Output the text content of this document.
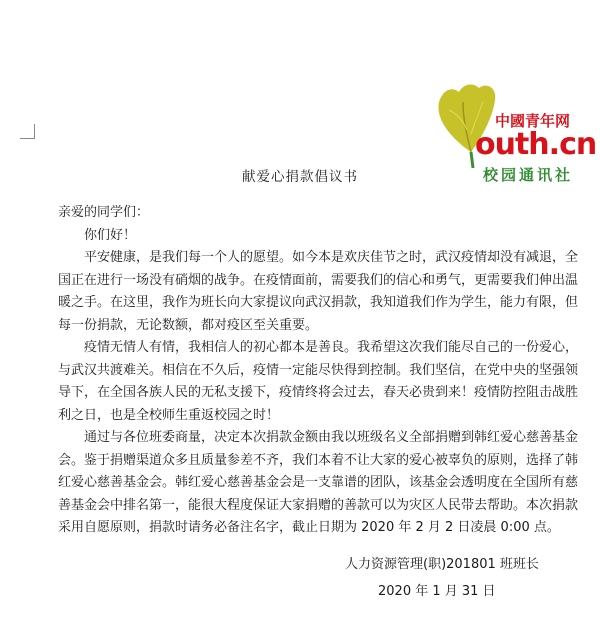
中國青年网
outh.cn
校园通讯社
献爱心捐款倡议书

亲爱的同学们：

你们好！

平安健康，是我们每一个人的愿望。如今本是欢庆佳节之时，武汉疫情却没有减退，全国正在进行一场没有硝烟的战争。在疫情面前，需要我们的信心和勇气，更需要我们伸出温暖之手。在这里，我作为班长向大家提议向武汉捐款，我知道我们作为学生，能力有限，但每一份捐款，无论数额，都对疫区至关重要。

疫情无情人有情，我相信人的初心都本是善良。我希望这次我们能尽自己的一份爱心，与武汉共渡难关。相信在不久后，疫情一定能尽快得到控制。我们坚信，在党中央的坚强领导下，在全国各族人民的无私支援下，疫情终将会过去，春天必贵到来！疫情防控阻击战胜利之日，也是全校师生重返校园之时！

通过与各位班委商量，决定本次捐款金额由我以班级名义全部捐赠到韩红爱心慈善基金会。鉴于捐赠渠道众多且质量参差不齐，我们本着不让大家的爱心被辜负的原则，选择了韩红爱心慈善基金会。韩红爱心慈善基金会是一支靠谱的团队，该基金会透明度在全国所有慈善基金会中排名第一，能很大程度保证大家捐赠的善款可以为灾区人民带去帮助。本次捐款采用自愿原则，捐款时请务必备注名字，截止日期为 2020 年 2 月 2 日凌晨 0:00 点。

人力资源管理(职)201801 班班长
2020 年 1 月 31 日
